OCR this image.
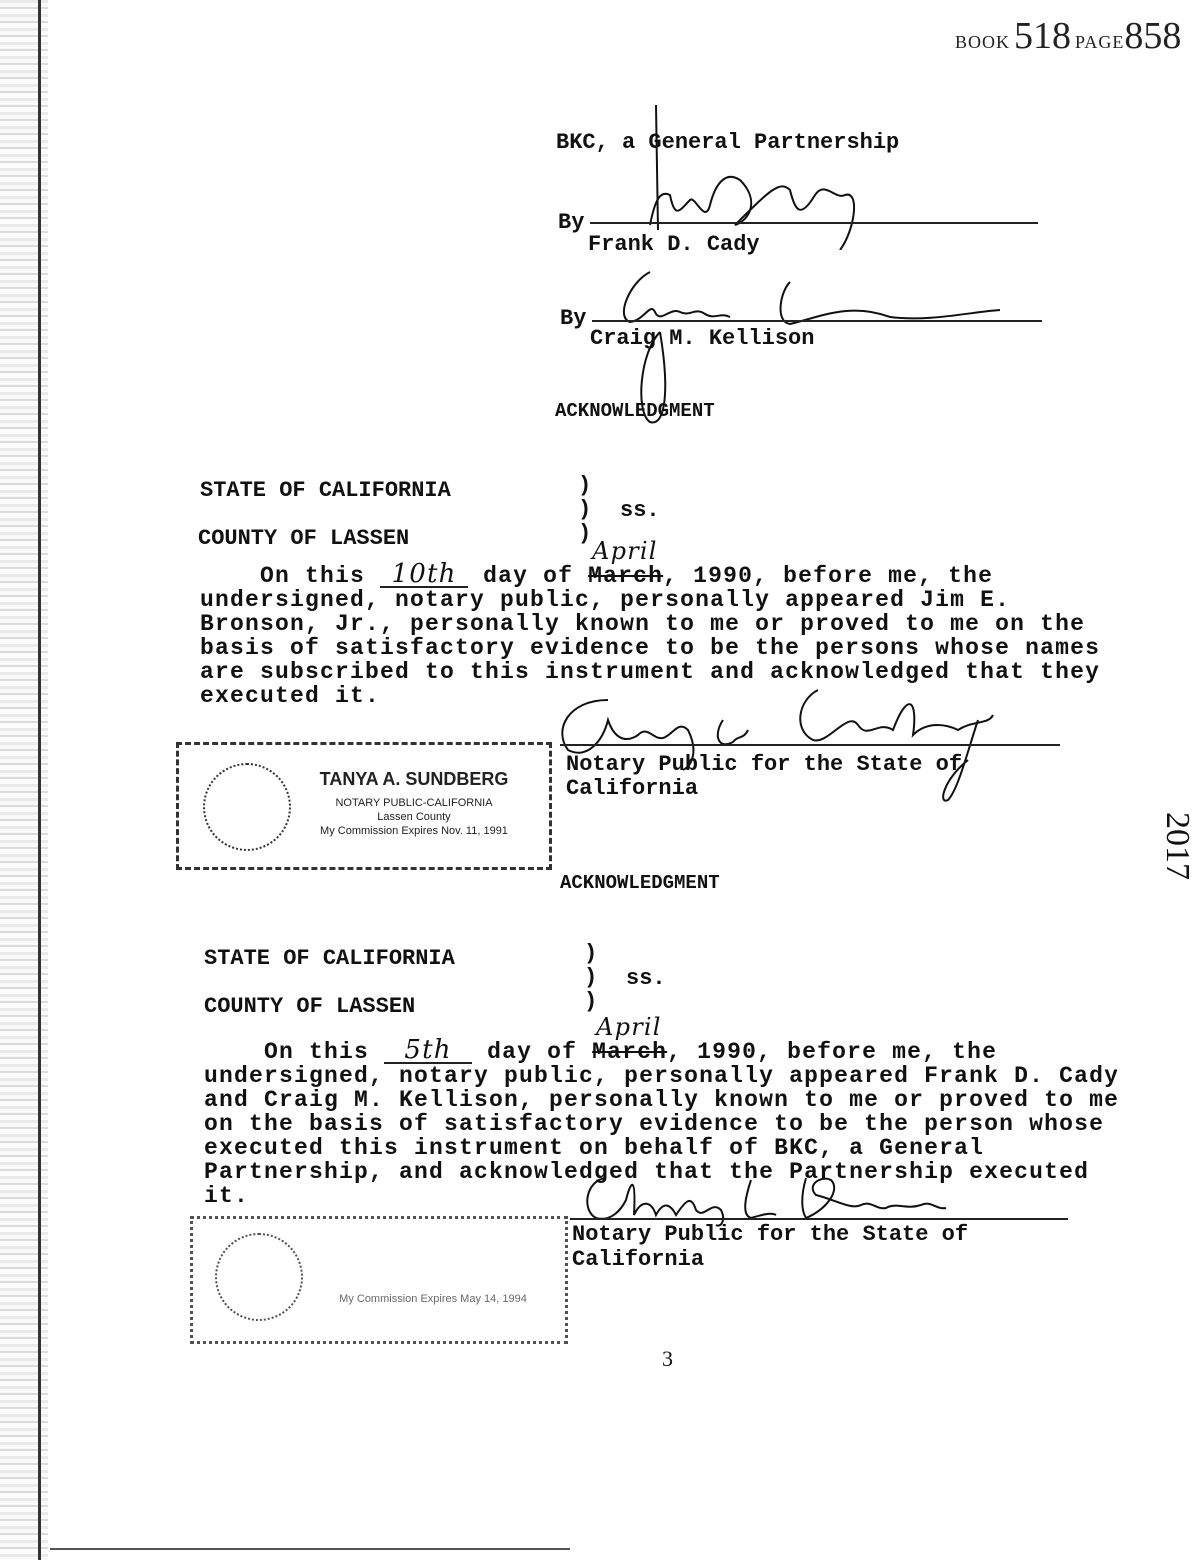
BOOK 518 PAGE858
BKC, a General Partnership
By
Frank D. Cady
By
Craig M. Kellison
ACKNOWLEDGMENT
STATE OF CALIFORNIA
COUNTY OF LASSEN
)
)
)
ss.
On this 10th day of March
April
, 1990, before me, the
undersigned, notary public, personally appeared Jim E.
Bronson, Jr., personally known to me or proved to me on the
basis of satisfactory evidence to be the persons whose names
are subscribed to this instrument and acknowledged that they
executed it.
Notary Public for the State of
California
TANYA A. SUNDBERG
NOTARY PUBLIC-CALIFORNIA
Lassen County
My Commission Expires Nov. 11, 1991
ACKNOWLEDGMENT
STATE OF CALIFORNIA
COUNTY OF LASSEN
)
)
)
ss.
On this 5th day of March
April
, 1990, before me, the
undersigned, notary public, personally appeared Frank D. Cady
and Craig M. Kellison, personally known to me or proved to me
on the basis of satisfactory evidence to be the person whose
executed this instrument on behalf of BKC, a General
Partnership, and acknowledged that the Partnership executed it.
Notary Public for the State of
California
My Commission Expires May 14, 1994
3
2017
